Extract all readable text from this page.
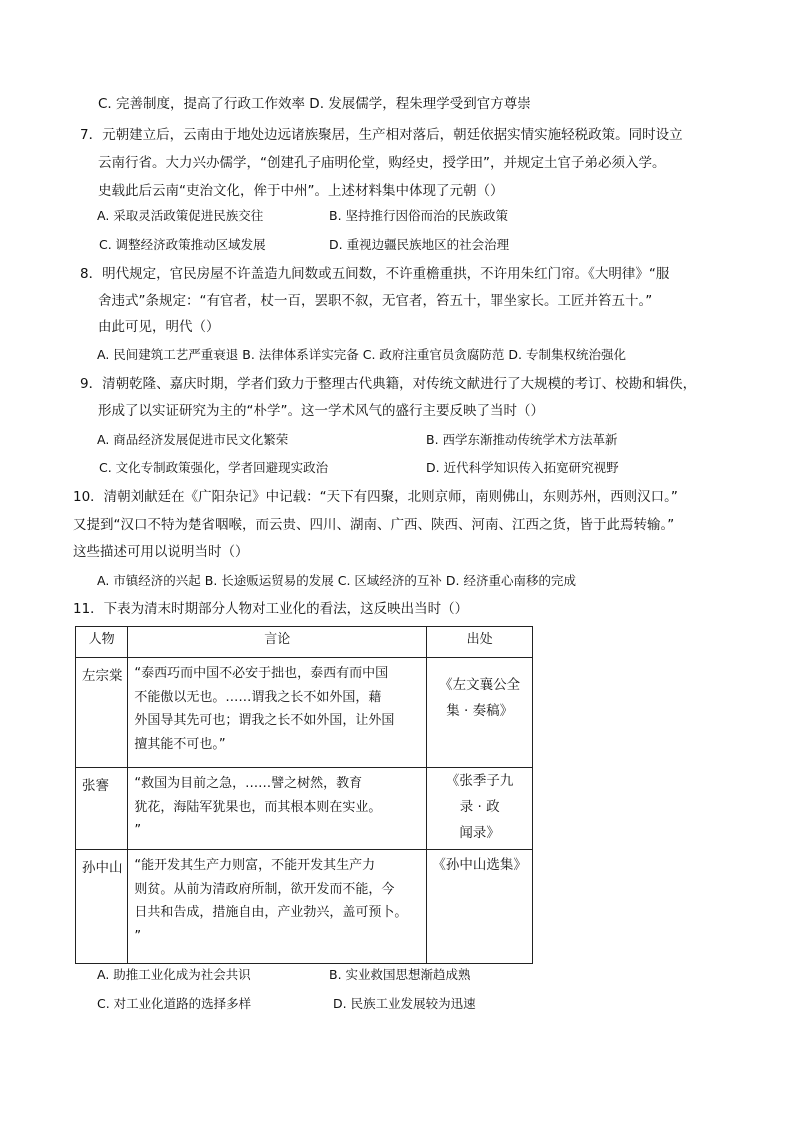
C. 完善制度，提高了行政工作效率 D. 发展儒学，程朱理学受到官方尊崇
7．元朝建立后，云南由于地处边远诸族聚居，生产相对落后，朝廷依据实情实施轻税政策。同时设立
云南行省。大力兴办儒学，“创建孔子庙明伦堂，购经史，授学田”，并规定土官子弟必须入学。
史载此后云南“吏治文化，侔于中州”。上述材料集中体现了元朝（）
A. 采取灵活政策促进民族交往	B. 坚持推行因俗而治的民族政策
C. 调整经济政策推动区域发展	D. 重视边疆民族地区的社会治理
8．明代规定，官民房屋不许盖造九间数或五间数，不许重檐重拱，不许用朱红门帘。《大明律》“服
舍违式”条规定：“有官者，杖一百，罢职不叙，无官者，笞五十，罪坐家长。工匠并笞五十。”
由此可见，明代（）
A. 民间建筑工艺严重衰退 B. 法律体系详实完备 C. 政府注重官员贪腐防范 D. 专制集权统治强化
9．清朝乾隆、嘉庆时期，学者们致力于整理古代典籍，对传统文献进行了大规模的考订、校勘和辑佚，
形成了以实证研究为主的“朴学”。这一学术风气的盛行主要反映了当时（）
A. 商品经济发展促进市民文化繁荣	B. 西学东渐推动传统学术方法革新
C. 文化专制政策强化，学者回避现实政治	D. 近代科学知识传入拓宽研究视野
10．清朝刘献廷在《广阳杂记》中记载：“天下有四聚，北则京师，南则佛山，东则苏州，西则汉口。”
又提到“汉口不特为楚省咽喉，而云贵、四川、湖南、广西、陕西、河南、江西之货，皆于此焉转输。”
这些描述可用以说明当时（）
A. 市镇经济的兴起 B. 长途贩运贸易的发展 C. 区域经济的互补 D. 经济重心南移的完成
11．下表为清末时期部分人物对工业化的看法，这反映出当时（）
人物	言论	出处
左宗棠	“泰西巧而中国不必安于拙也，泰西有而中国
不能傲以无也。……谓我之长不如外国，藉
外国导其先可也；谓我之长不如外国，让外国
擅其能不可也。”	《左文襄公全
集 · 奏稿》
张謇	“救国为目前之急，……譬之树然，教育
犹花，海陆军犹果也，而其根本则在实业。
”	《张季子九
录 · 政
闻录》
孙中山	“能开发其生产力则富，不能开发其生产力
则贫。从前为清政府所制，欲开发而不能，今
日共和告成，措施自由，产业勃兴，盖可预卜。
”	《孙中山选集》
A. 助推工业化成为社会共识	B. 实业救国思想渐趋成熟
C. 对工业化道路的选择多样	D. 民族工业发展较为迅速
